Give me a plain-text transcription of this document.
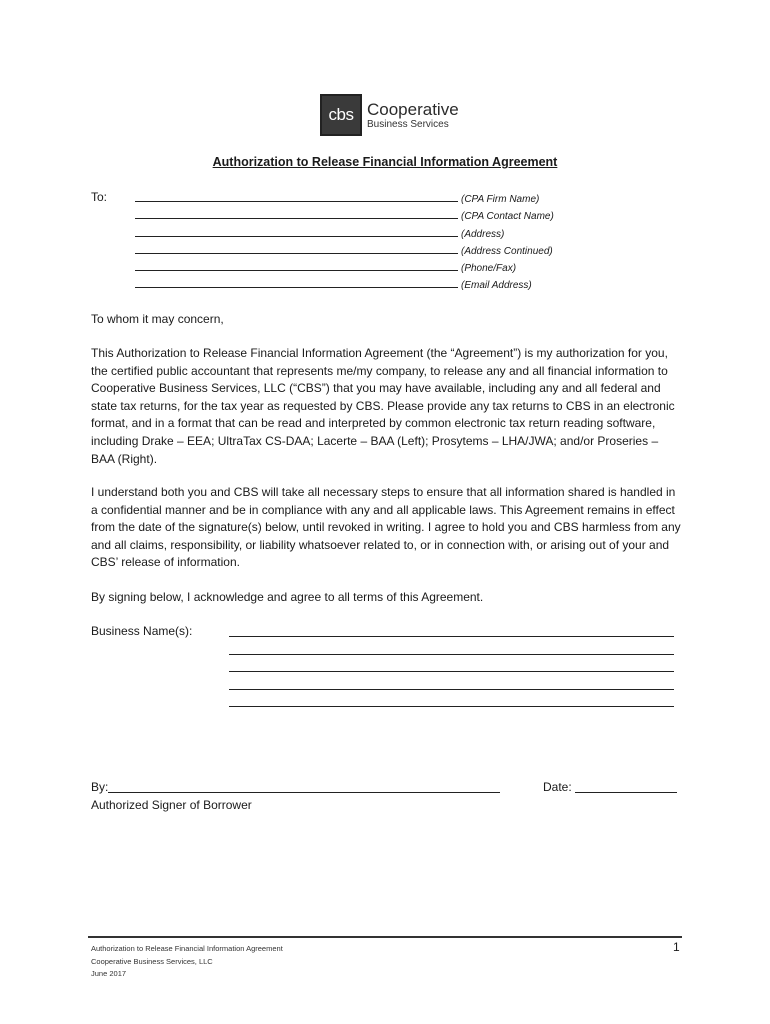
cbs Cooperative
Business Services
Authorization to Release Financial Information Agreement
To:	(CPA Firm Name)
(CPA Contact Name)
(Address)
(Address Continued)
(Phone/Fax)
(Email Address)
To whom it may concern,
This Authorization to Release Financial Information Agreement (the “Agreement”) is my authorization for you, the certified public accountant that represents me/my company, to release any and all financial information to Cooperative Business Services, LLC (“CBS”) that you may have available, including any and all federal and state tax returns, for the tax year as requested by CBS. Please provide any tax returns to CBS in an electronic format, and in a format that can be read and interpreted by common electronic tax return reading software, including Drake – EEA; UltraTax CS-DAA; Lacerte – BAA (Left); Prosytems – LHA/JWA; and/or Proseries – BAA (Right).
I understand both you and CBS will take all necessary steps to ensure that all information shared is handled in a confidential manner and be in compliance with any and all applicable laws. This Agreement remains in effect from the date of the signature(s) below, until revoked in writing. I agree to hold you and CBS harmless from any and all claims, responsibility, or liability whatsoever related to, or in connection with, or arising out of your and CBS’ release of information.
By signing below, I acknowledge and agree to all terms of this Agreement.
Business Name(s):
By:	Date:
Authorized Signer of Borrower
Authorization to Release Financial Information Agreement
Cooperative Business Services, LLC
June 2017
1
